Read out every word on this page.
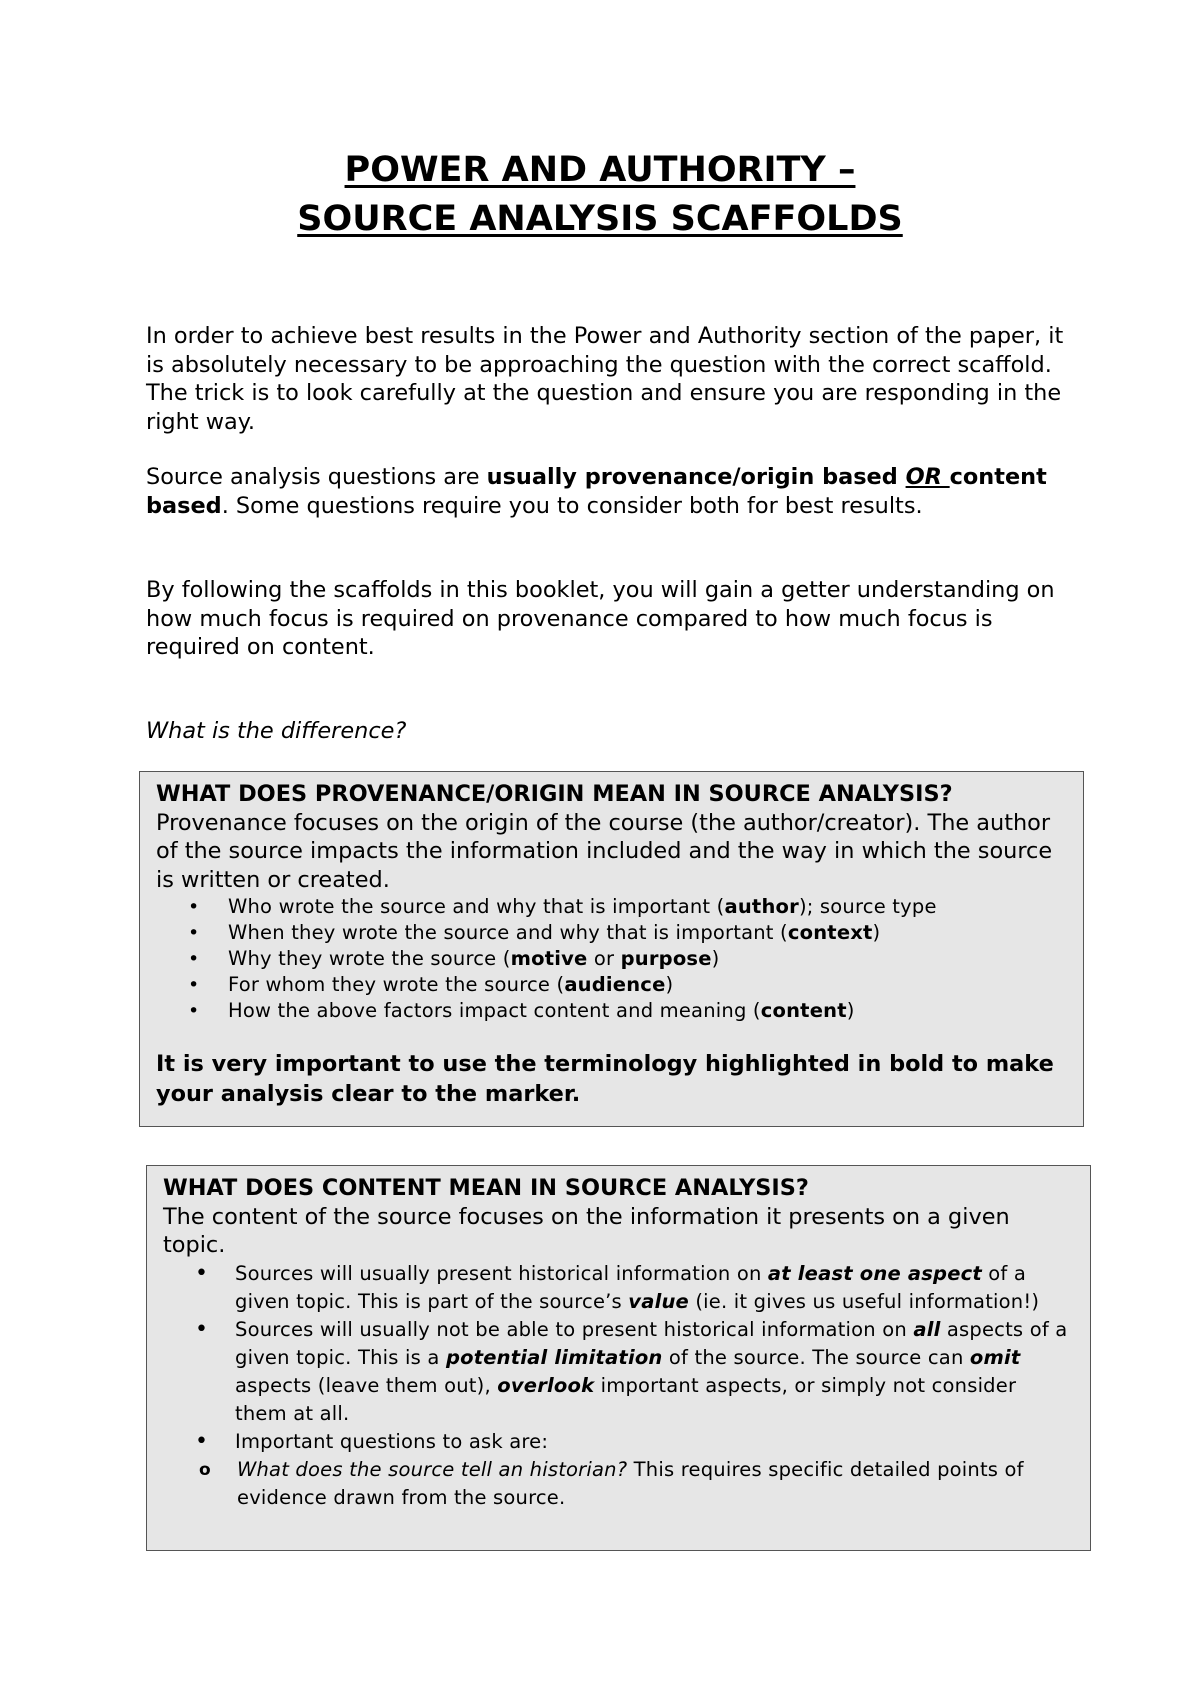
POWER AND AUTHORITY –
SOURCE ANALYSIS SCAFFOLDS

In order to achieve best results in the Power and Authority section of the paper, it is absolutely necessary to be approaching the question with the correct scaffold. The trick is to look carefully at the question and ensure you are responding in the right way.

Source analysis questions are usually provenance/origin based OR content based. Some questions require you to consider both for best results.

By following the scaffolds in this booklet, you will gain a getter understanding on how much focus is required on provenance compared to how much focus is required on content.

What is the difference?

WHAT DOES PROVENANCE/ORIGIN MEAN IN SOURCE ANALYSIS?

Provenance focuses on the origin of the course (the author/creator). The author of the source impacts the information included and the way in which the source is written or created.

• Who wrote the source and why that is important (author); source type
• When they wrote the source and why that is important (context)
• Why they wrote the source (motive or purpose)
• For whom they wrote the source (audience)
• How the above factors impact content and meaning (content)

It is very important to use the terminology highlighted in bold to make your analysis clear to the marker.

WHAT DOES CONTENT MEAN IN SOURCE ANALYSIS?

The content of the source focuses on the information it presents on a given topic.

• Sources will usually present historical information on at least one aspect of a given topic. This is part of the source’s value (ie. it gives us useful information!)
• Sources will usually not be able to present historical information on all aspects of a given topic. This is a potential limitation of the source. The source can omit aspects (leave them out), overlook important aspects, or simply not consider them at all.
• Important questions to ask are:
o What does the source tell an historian? This requires specific detailed points of evidence drawn from the source.
